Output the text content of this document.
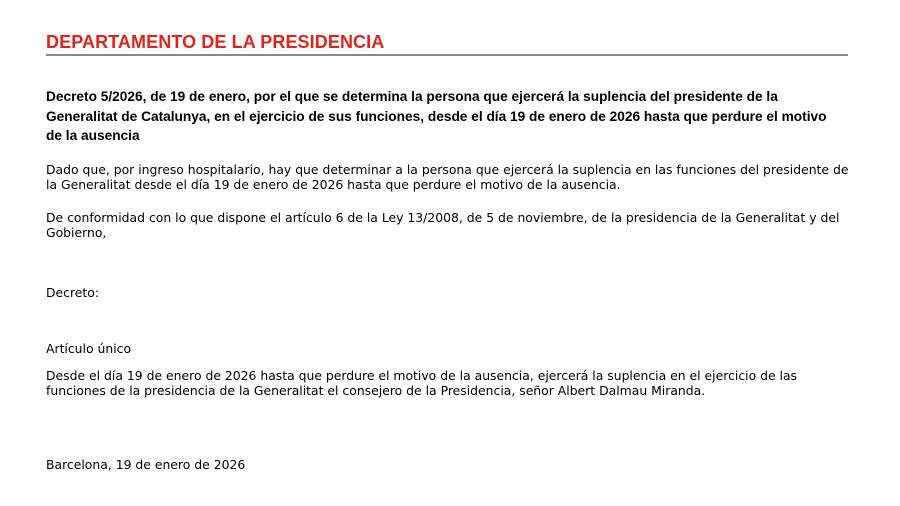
DEPARTAMENTO DE LA PRESIDENCIA

Decreto 5/2026, de 19 de enero, por el que se determina la persona que ejercerá la suplencia del presidente de la Generalitat de Catalunya, en el ejercicio de sus funciones, desde el día 19 de enero de 2026 hasta que perdure el motivo de la ausencia

Dado que, por ingreso hospitalario, hay que determinar a la persona que ejercerá la suplencia en las funciones del presidente de la Generalitat desde el día 19 de enero de 2026 hasta que perdure el motivo de la ausencia.

De conformidad con lo que dispone el artículo 6 de la Ley 13/2008, de 5 de noviembre, de la presidencia de la Generalitat y del Gobierno,

Decreto:

Artículo único

Desde el día 19 de enero de 2026 hasta que perdure el motivo de la ausencia, ejercerá la suplencia en el ejercicio de las funciones de la presidencia de la Generalitat el consejero de la Presidencia, señor Albert Dalmau Miranda.

Barcelona, 19 de enero de 2026
